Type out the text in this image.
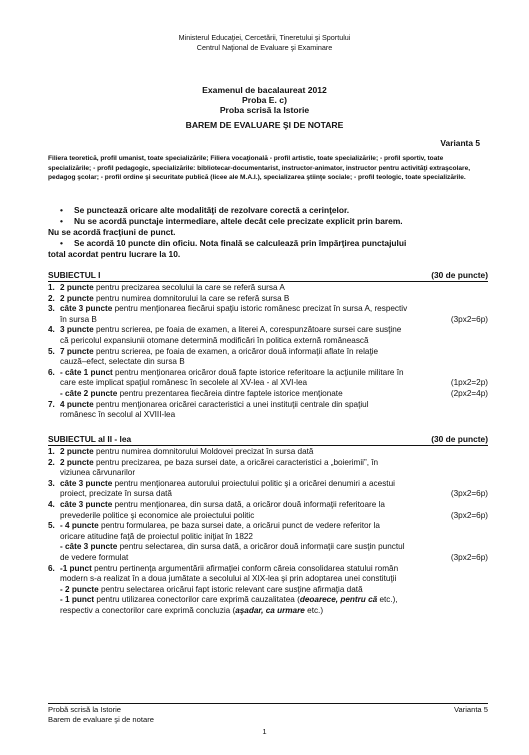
Ministerul Educaţiei, Cercetării, Tineretului şi Sportului
Centrul Naţional de Evaluare şi Examinare
Examenul de bacalaureat 2012
Proba E. c)
Proba scrisă la Istorie
BAREM DE EVALUARE ŞI DE NOTARE
Varianta 5
Filiera teoretică, profil umanist, toate specializările; Filiera vocaţională - profil artistic, toate specializările; - profil sportiv, toate specializările; - profil pedagogic, specializările: bibliotecar-documentarist, instructor-animator, instructor pentru activităţi extraşcolare, pedagog şcolar; - profil ordine şi securitate publică (licee ale M.A.I.), specializarea ştiinţe sociale; - profil teologic, toate specializările.
• Se punctează oricare alte modalităţi de rezolvare corectă a cerinţelor.
• Nu se acordă punctaje intermediare, altele decât cele precizate explicit prin barem.
Nu se acordă fracţiuni de punct.
• Se acordă 10 puncte din oficiu. Nota finală se calculează prin împărţirea punctajului
total acordat pentru lucrare la 10.
SUBIECTUL I	(30 de puncte)
1. 2 puncte pentru precizarea secolului la care se referă sursa A
2. 2 puncte pentru numirea domnitorului la care se referă sursa B
3. câte 3 puncte pentru menţionarea fiecărui spaţiu istoric românesc precizat în sursa A, respectiv
în sursa B	(3px2=6p)
4. 3 puncte pentru scrierea, pe foaia de examen, a literei A, corespunzătoare sursei care susţine
că pericolul expansiunii otomane determină modificări în politica externă românească
5. 7 puncte pentru scrierea, pe foaia de examen, a oricăror două informaţii aflate în relaţie
cauză–efect, selectate din sursa B
6. - câte 1 punct pentru menţionarea oricăror două fapte istorice referitoare la acţiunile militare în
care este implicat spaţiul românesc în secolele al XV-lea - al XVI-lea	(1px2=2p)
- câte 2 puncte pentru prezentarea fiecăreia dintre faptele istorice menţionate	(2px2=4p)
7. 4 puncte pentru menţionarea oricărei caracteristici a unei instituţii centrale din spaţiul
românesc în secolul al XVIII-lea
SUBIECTUL al II - lea	(30 de puncte)
1. 2 puncte pentru numirea domnitorului Moldovei precizat în sursa dată
2. 2 puncte pentru precizarea, pe baza sursei date, a oricărei caracteristici a „boierimii”, în
viziunea cărvunarilor
3. câte 3 puncte pentru menţionarea autorului proiectului politic şi a oricărei denumiri a acestui
proiect, precizate în sursa dată	(3px2=6p)
4. câte 3 puncte pentru menţionarea, din sursa dată, a oricăror două informaţii referitoare la
prevederile politice şi economice ale proiectului politic	(3px2=6p)
5. - 4 puncte pentru formularea, pe baza sursei date, a oricărui punct de vedere referitor la
oricare atitudine faţă de proiectul politic iniţiat în 1822
- câte 3 puncte pentru selectarea, din sursa dată, a oricăror două informaţii care susţin punctul
de vedere formulat	(3px2=6p)
6. -1 punct pentru pertinenţa argumentării afirmaţiei conform căreia consolidarea statului român
modern s-a realizat în a doua jumătate a secolului al XIX-lea şi prin adoptarea unei constituţii
- 2 puncte pentru selectarea oricărui fapt istoric relevant care susţine afirmaţia dată
- 1 punct pentru utilizarea conectorilor care exprimă cauzalitatea (deoarece, pentru că etc.),
respectiv a conectorilor care exprimă concluzia (aşadar, ca urmare etc.)
Probă scrisă la Istorie
Barem de evaluare şi de notare
Varianta 5
1
